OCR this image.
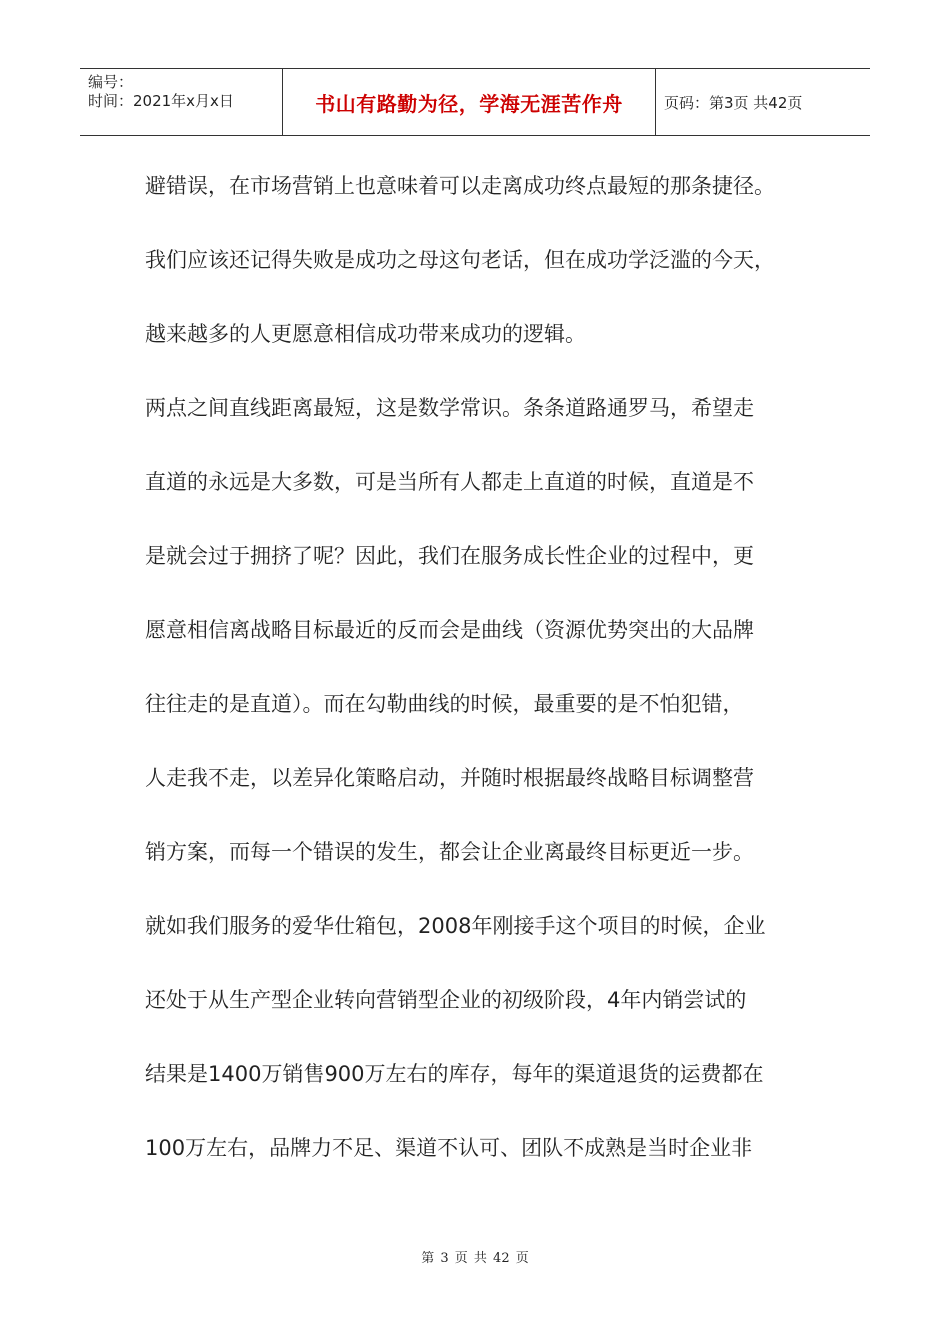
编号：
时间：2021年x月x日	书山有路勤为径，学海无涯苦作舟	页码：第3页 共42页

避错误，在市场营销上也意味着可以走离成功终点最短的那条捷径。

我们应该还记得失败是成功之母这句老话，但在成功学泛滥的今天，

越来越多的人更愿意相信成功带来成功的逻辑。

两点之间直线距离最短，这是数学常识。条条道路通罗马，希望走

直道的永远是大多数，可是当所有人都走上直道的时候，直道是不

是就会过于拥挤了呢？因此，我们在服务成长性企业的过程中，更

愿意相信离战略目标最近的反而会是曲线（资源优势突出的大品牌

往往走的是直道）。而在勾勒曲线的时候，最重要的是不怕犯错，

人走我不走，以差异化策略启动，并随时根据最终战略目标调整营

销方案，而每一个错误的发生，都会让企业离最终目标更近一步。

就如我们服务的爱华仕箱包，2008年刚接手这个项目的时候，企业

还处于从生产型企业转向营销型企业的初级阶段，4年内销尝试的

结果是1400万销售900万左右的库存，每年的渠道退货的运费都在

100万左右，品牌力不足、渠道不认可、团队不成熟是当时企业非

第 3 页 共 42 页
